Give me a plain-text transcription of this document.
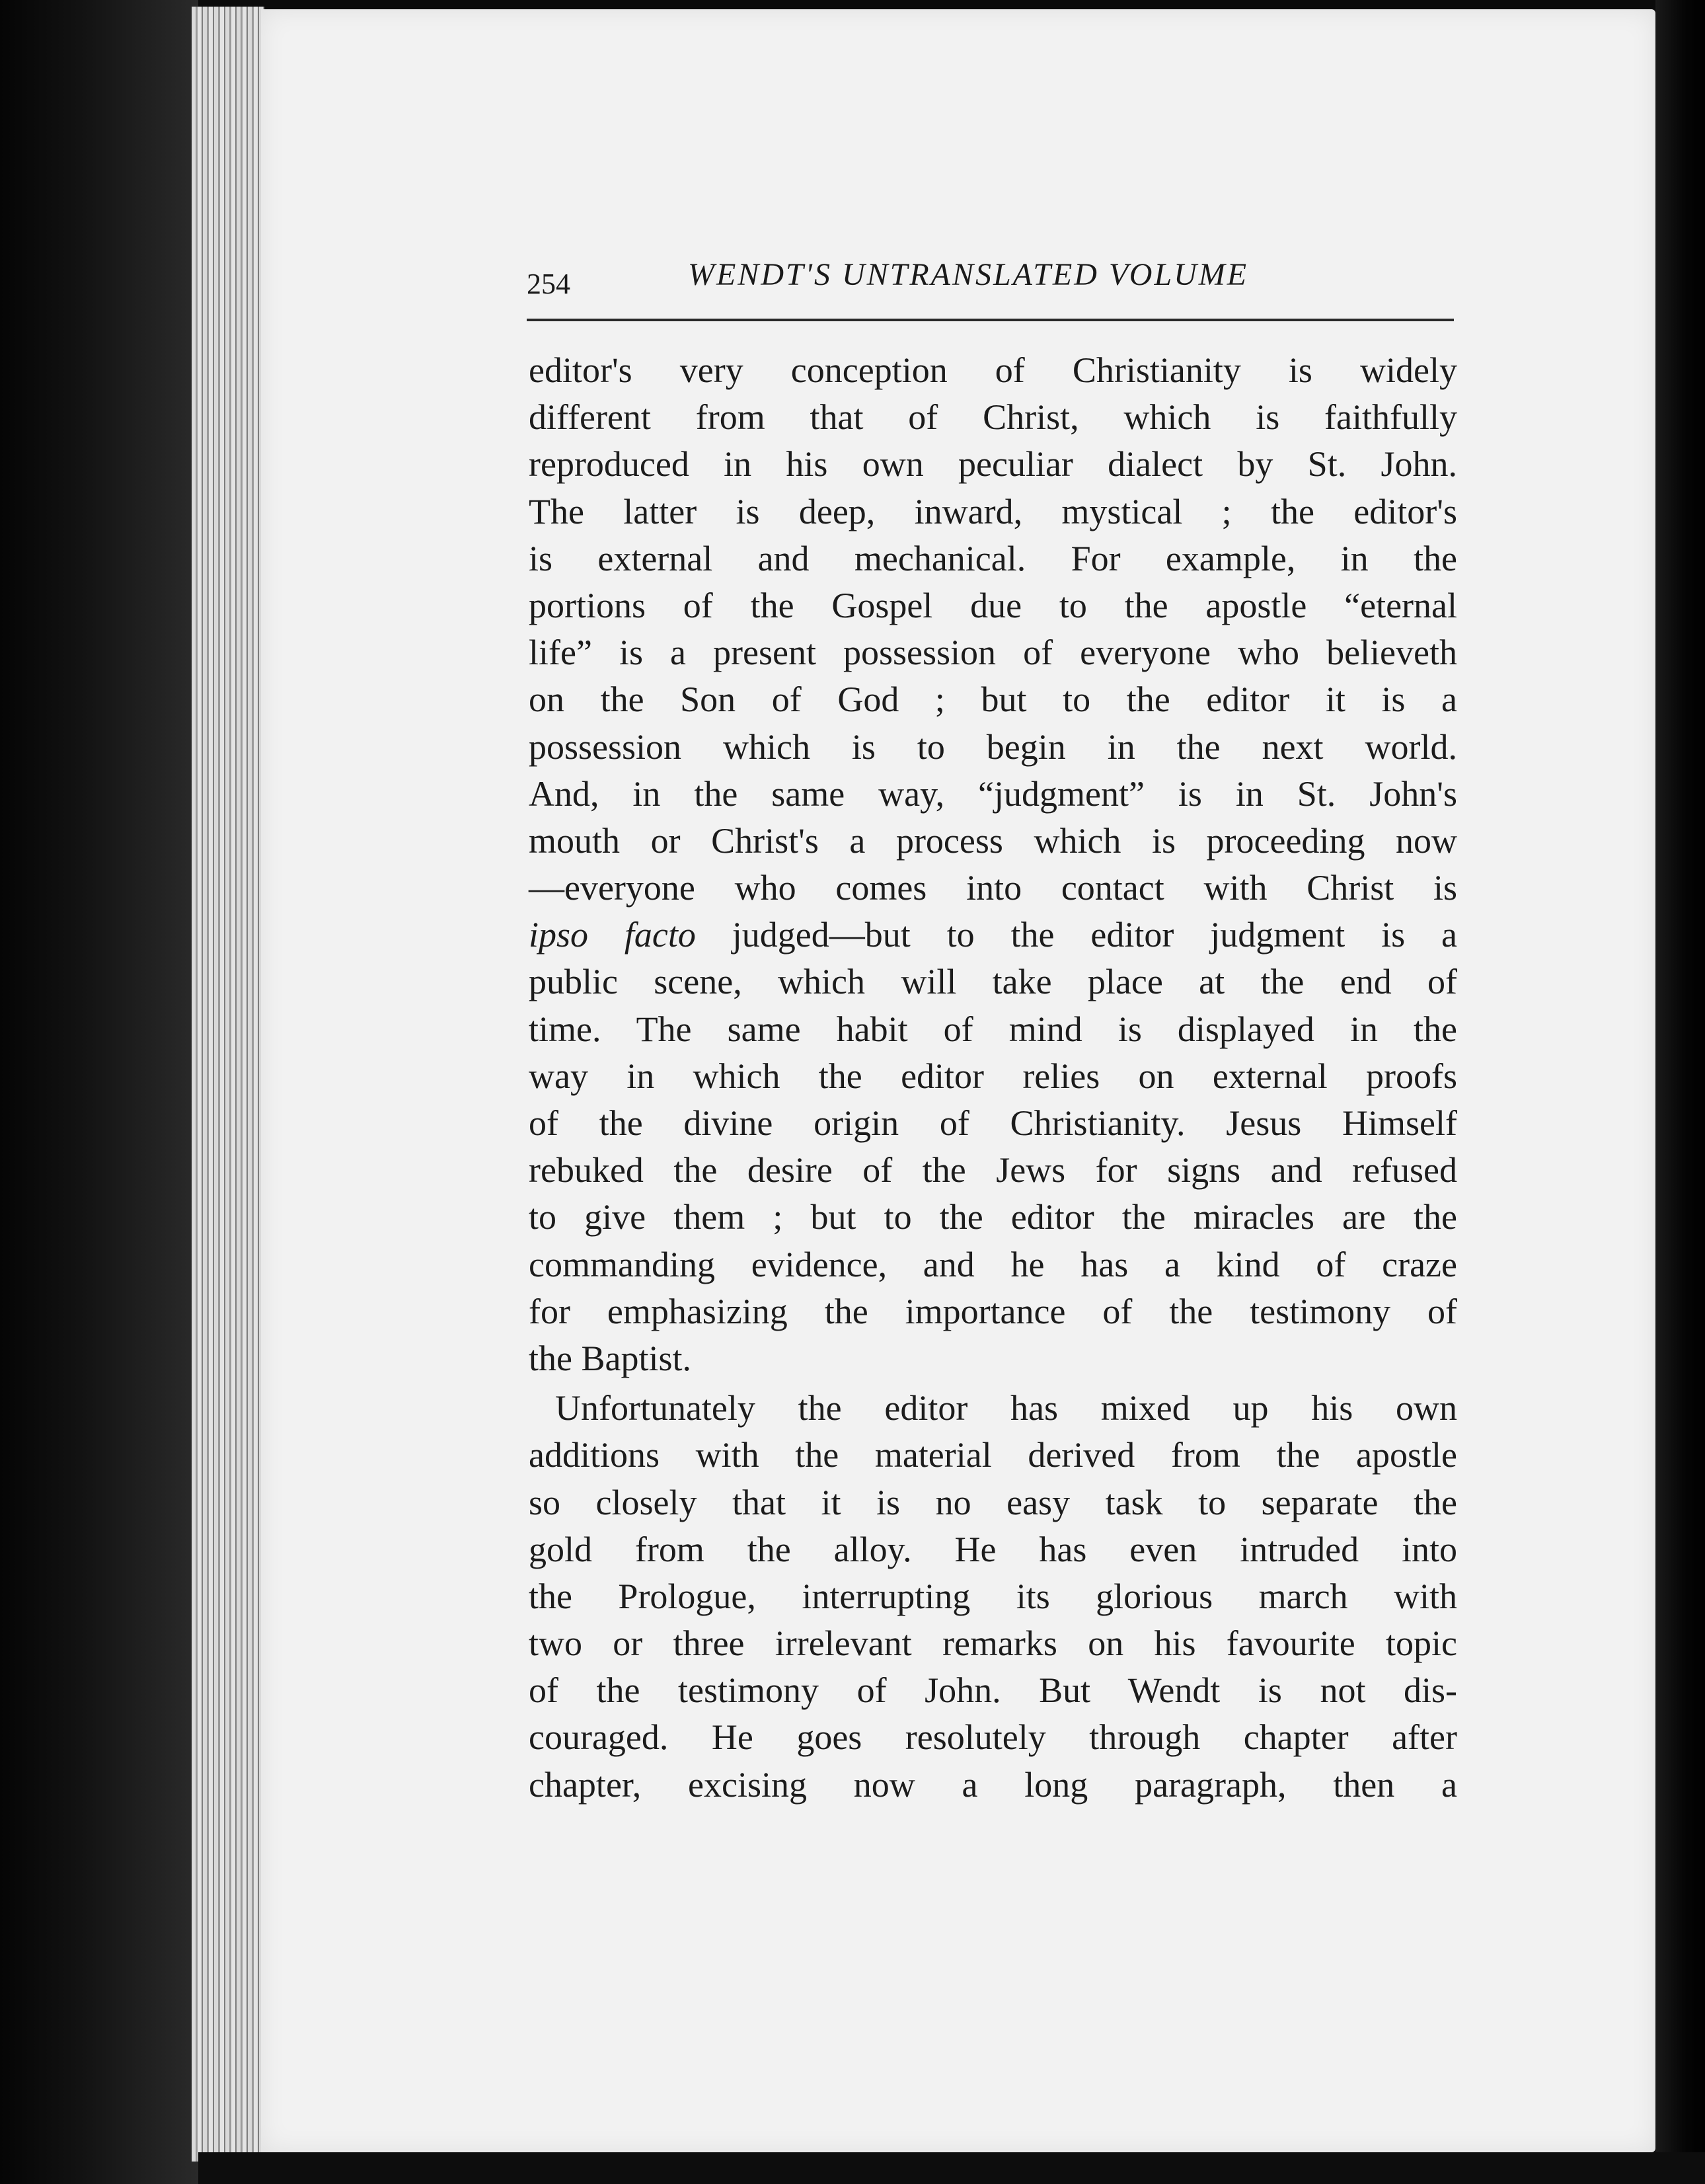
254	WENDT'S UNTRANSLATED VOLUME
editor's very conception of Christianity is widely
different from that of Christ, which is faithfully
reproduced in his own peculiar dialect by St. John.
The latter is deep, inward, mystical ; the editor's
is external and mechanical. For example, in the
portions of the Gospel due to the apostle “eternal
life” is a present possession of everyone who believeth
on the Son of God ; but to the editor it is a
possession which is to begin in the next world.
And, in the same way, “judgment” is in St. John's
mouth or Christ's a process which is proceeding now
—everyone who comes into contact with Christ is
ipso facto judged—but to the editor judgment is a
public scene, which will take place at the end of
time. The same habit of mind is displayed in the
way in which the editor relies on external proofs
of the divine origin of Christianity. Jesus Himself
rebuked the desire of the Jews for signs and refused
to give them ; but to the editor the miracles are the
commanding evidence, and he has a kind of craze
for emphasizing the importance of the testimony of
the Baptist.
Unfortunately the editor has mixed up his own
additions with the material derived from the apostle
so closely that it is no easy task to separate the
gold from the alloy. He has even intruded into
the Prologue, interrupting its glorious march with
two or three irrelevant remarks on his favourite topic
of the testimony of John. But Wendt is not dis-
couraged. He goes resolutely through chapter after
chapter, excising now a long paragraph, then a
